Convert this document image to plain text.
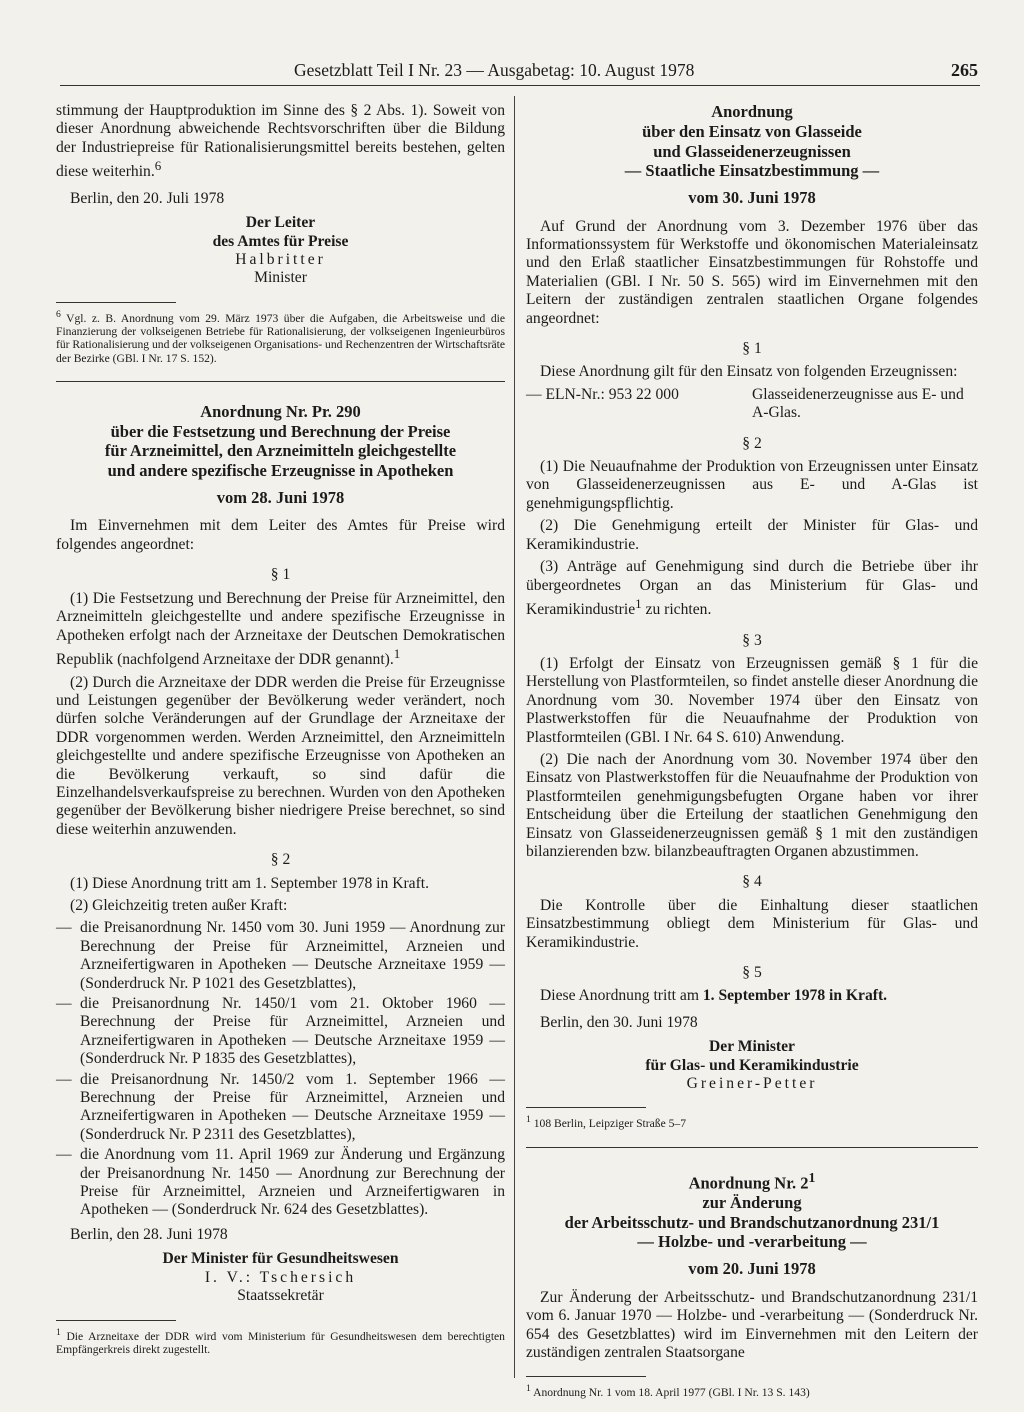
Gesetzblatt Teil I Nr. 23 — Ausgabetag: 10. August 1978	265

stimmung der Hauptproduktion im Sinne des § 2 Abs. 1). Soweit von dieser Anordnung abweichende Rechtsvorschriften über die Bildung der Industriepreise für Rationalisierungsmittel bereits bestehen, gelten diese weiterhin.$^6$

Berlin, den 20. Juli 1978

Der Leiter

des Amtes für Preise

Halbritter

Minister

$^6$ Vgl. z. B. Anordnung vom 29. März 1973 über die Aufgaben, die Arbeitsweise und die Finanzierung der volkseigenen Betriebe für Rationalisierung, der volkseigenen Ingenieurbüros für Rationalisierung und der volkseigenen Organisations- und Rechenzentren der Wirtschaftsräte der Bezirke (GBl. I Nr. 17 S. 152).

Anordnung Nr. Pr. 290

über die Festsetzung und Berechnung der Preise

für Arzneimittel, den Arzneimitteln gleichgestellte

und andere spezifische Erzeugnisse in Apotheken

vom 28. Juni 1978

Im Einvernehmen mit dem Leiter des Amtes für Preise wird folgendes angeordnet:

§ 1

(1) Die Festsetzung und Berechnung der Preise für Arzneimittel, den Arzneimitteln gleichgestellte und andere spezifische Erzeugnisse in Apotheken erfolgt nach der Arzneitaxe der Deutschen Demokratischen Republik (nachfolgend Arzneitaxe der DDR genannt).$^1$

(2) Durch die Arzneitaxe der DDR werden die Preise für Erzeugnisse und Leistungen gegenüber der Bevölkerung weder verändert, noch dürfen solche Veränderungen auf der Grundlage der Arzneitaxe der DDR vorgenommen werden. Werden Arzneimittel, den Arzneimitteln gleichgestellte und andere spezifische Erzeugnisse von Apotheken an die Bevölkerung verkauft, so sind dafür die Einzelhandelsverkaufspreise zu berechnen. Wurden von den Apotheken gegenüber der Bevölkerung bisher niedrigere Preise berechnet, so sind diese weiterhin anzuwenden.

§ 2

(1) Diese Anordnung tritt am 1. September 1978 in Kraft.

(2) Gleichzeitig treten außer Kraft:

— die Preisanordnung Nr. 1450 vom 30. Juni 1959 — Anordnung zur Berechnung der Preise für Arzneimittel, Arzneien und Arzneifertigwaren in Apotheken — Deutsche Arzneitaxe 1959 — (Sonderdruck Nr. P 1021 des Gesetzblattes),
— die Preisanordnung Nr. 1450/1 vom 21. Oktober 1960 — Berechnung der Preise für Arzneimittel, Arzneien und Arzneifertigwaren in Apotheken — Deutsche Arzneitaxe 1959 — (Sonderdruck Nr. P 1835 des Gesetzblattes),
— die Preisanordnung Nr. 1450/2 vom 1. September 1966 — Berechnung der Preise für Arzneimittel, Arzneien und Arzneifertigwaren in Apotheken — Deutsche Arzneitaxe 1959 — (Sonderdruck Nr. P 2311 des Gesetzblattes),
— die Anordnung vom 11. April 1969 zur Änderung und Ergänzung der Preisanordnung Nr. 1450 — Anordnung zur Berechnung der Preise für Arzneimittel, Arzneien und Arzneifertigwaren in Apotheken — (Sonderdruck Nr. 624 des Gesetzblattes).

Berlin, den 28. Juni 1978

Der Minister für Gesundheitswesen

I. V.: Tschersich

Staatssekretär

$^1$ Die Arzneitaxe der DDR wird vom Ministerium für Gesundheitswesen dem berechtigten Empfängerkreis direkt zugestellt.

Anordnung

über den Einsatz von Glasseide

und Glasseidenerzeugnissen

— Staatliche Einsatzbestimmung —

vom 30. Juni 1978

Auf Grund der Anordnung vom 3. Dezember 1976 über das Informationssystem für Werkstoffe und ökonomischen Materialeinsatz und den Erlaß staatlicher Einsatzbestimmungen für Rohstoffe und Materialien (GBl. I Nr. 50 S. 565) wird im Einvernehmen mit den Leitern der zuständigen zentralen staatlichen Organe folgendes angeordnet:

§ 1

Diese Anordnung gilt für den Einsatz von folgenden Erzeugnissen:

— ELN-Nr.: 953 22 000	Glasseidenerzeugnisse aus E- und A-Glas.

§ 2

(1) Die Neuaufnahme der Produktion von Erzeugnissen unter Einsatz von Glasseidenerzeugnissen aus E- und A-Glas ist genehmigungspflichtig.

(2) Die Genehmigung erteilt der Minister für Glas- und Keramikindustrie.

(3) Anträge auf Genehmigung sind durch die Betriebe über ihr übergeordnetes Organ an das Ministerium für Glas- und Keramikindustrie$^1$ zu richten.

§ 3

(1) Erfolgt der Einsatz von Erzeugnissen gemäß § 1 für die Herstellung von Plastformteilen, so findet anstelle dieser Anordnung die Anordnung vom 30. November 1974 über den Einsatz von Plastwerkstoffen für die Neuaufnahme der Produktion von Plastformteilen (GBl. I Nr. 64 S. 610) Anwendung.

(2) Die nach der Anordnung vom 30. November 1974 über den Einsatz von Plastwerkstoffen für die Neuaufnahme der Produktion von Plastformteilen genehmigungsbefugten Organe haben vor ihrer Entscheidung über die Erteilung der staatlichen Genehmigung den Einsatz von Glasseidenerzeugnissen gemäß § 1 mit den zuständigen bilanzierenden bzw. bilanzbeauftragten Organen abzustimmen.

§ 4

Die Kontrolle über die Einhaltung dieser staatlichen Einsatzbestimmung obliegt dem Ministerium für Glas- und Keramikindustrie.

§ 5

Diese Anordnung tritt am 1. September 1978 in Kraft.

Berlin, den 30. Juni 1978

Der Minister

für Glas- und Keramikindustrie

Greiner-Petter

$^1$ 108 Berlin, Leipziger Straße 5–7

Anordnung Nr. $2^1$

zur Änderung

der Arbeitsschutz- und Brandschutzanordnung 231/1

— Holzbe- und -verarbeitung —

vom 20. Juni 1978

Zur Änderung der Arbeitsschutz- und Brandschutzanordnung 231/1 vom 6. Januar 1970 — Holzbe- und -verarbeitung — (Sonderdruck Nr. 654 des Gesetzblattes) wird im Einvernehmen mit den Leitern der zuständigen zentralen Staatsorgane

$^1$ Anordnung Nr. 1 vom 18. April 1977 (GBl. I Nr. 13 S. 143)
